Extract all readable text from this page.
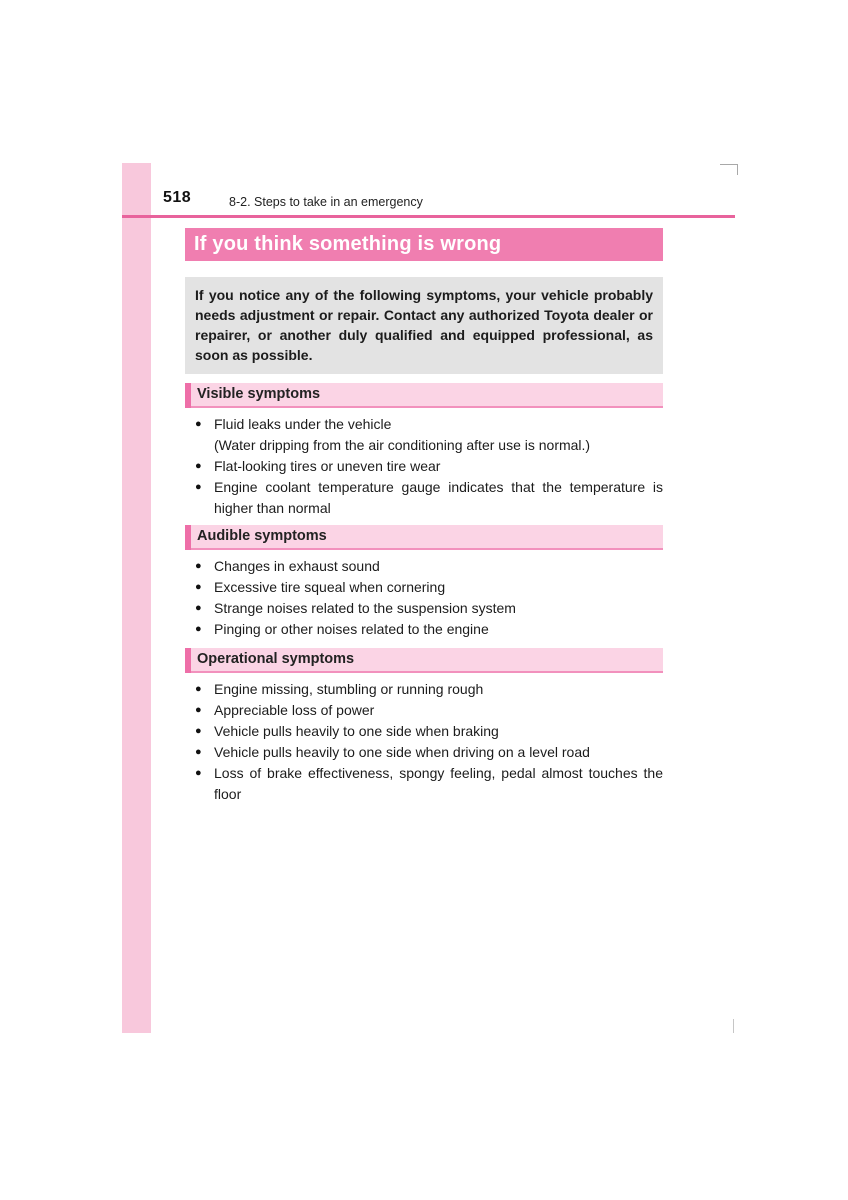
518	8-2. Steps to take in an emergency
If you think something is wrong
If you notice any of the following symptoms, your vehicle probably needs adjustment or repair. Contact any authorized Toyota dealer or repairer, or another duly qualified and equipped professional, as soon as possible.
Visible symptoms
● Fluid leaks under the vehicle
(Water dripping from the air conditioning after use is normal.)
● Flat-looking tires or uneven tire wear
● Engine coolant temperature gauge indicates that the temperature is higher than normal
Audible symptoms
● Changes in exhaust sound
● Excessive tire squeal when cornering
● Strange noises related to the suspension system
● Pinging or other noises related to the engine
Operational symptoms
● Engine missing, stumbling or running rough
● Appreciable loss of power
● Vehicle pulls heavily to one side when braking
● Vehicle pulls heavily to one side when driving on a level road
● Loss of brake effectiveness, spongy feeling, pedal almost touches the floor
